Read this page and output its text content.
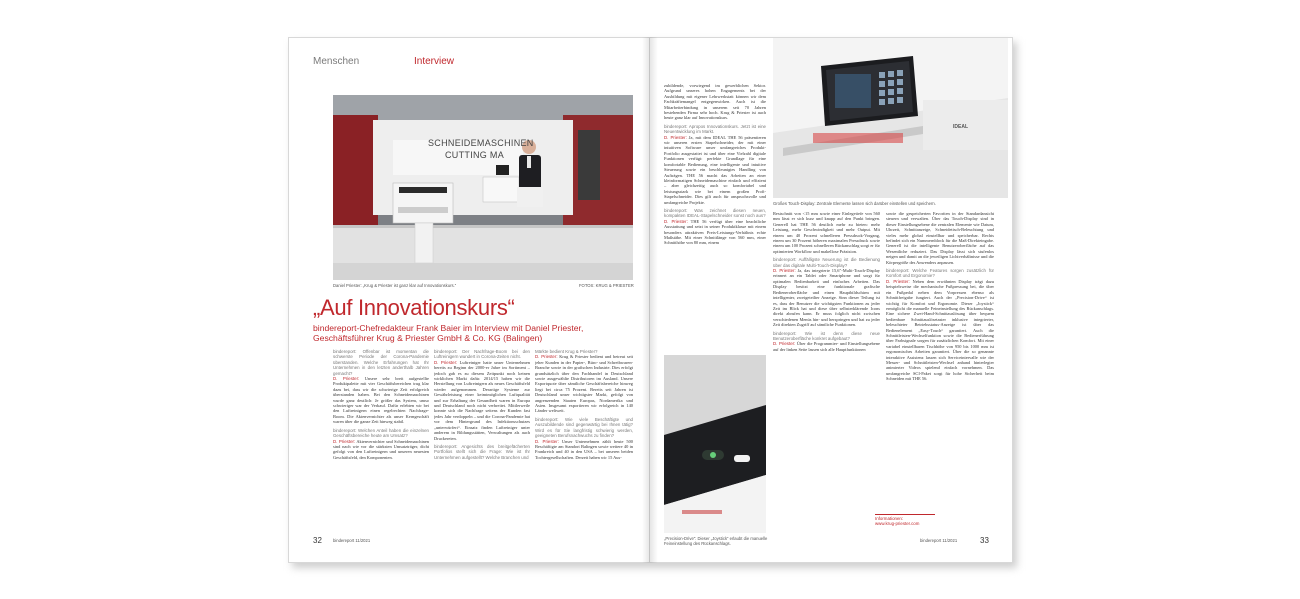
Menschen	Interview
SCHNEIDEMASCHINEN
CUTTING MA
Daniel Priester: „Krug & Priester ist ganz klar auf Innovationskurs.“	FOTOS: KRUG & PRIESTER
„Auf Innovationskurs“
bindereport-Chefredakteur Frank Baier im Interview mit Daniel Priester, Geschäftsführer Krug & Priester GmbH & Co. KG (Balingen)
bindereport: Offenbar ist momentan die schwerste Periode der Corona-Pandemie überstanden. Welche Erfahrungen hat Ihr Unternehmen in den letzten anderthalb Jahren gemacht?
D. Priester: Unsere sehr breit aufgestellte Produktpalette mit vier Geschäftsbereichen trug klar dazu bei, dass wir die schwierige Zeit erfolgreich überstanden haben. Bei den Schneidemaschinen wurde ganz deutlich: Je größer das System, umso schwieriger war der Verkauf. Dafür erlebten wir bei den Luftreinigern einen regelrechten Nachfrage-Boom. Die Aktenvernichter als unser Kerngeschäft waren über die ganze Zeit hinweg stabil.
bindereport: Welchen Anteil haben die einzelnen Geschäftsbereiche heute am Umsatz?
D. Priester: Aktenvernichter und Schneidemaschinen sind nach wie vor die stärksten Umsatzträger, dicht gefolgt von den Luftreinigern und unseren neuesten Geschäftsfeld, den Komponenten.
bindereport: Der Nachfrage-Boom bei den Luftreinigern wundert in Corona-Zeiten nicht.
D. Priester: Luftreiniger hatte unser Unternehmen bereits zu Beginn der 2000-er Jahre im Sortiment – jedoch gab es zu diesem Zeitpunkt noch keinen wirklichen Markt dafür. 2014/15 haben wir die Herstellung von Luftreinigern als neues Geschäftsfeld wieder aufgenommen. Derartige Systeme zur Gewährleistung einer keimtmöglichen Luftqualität und zur Erhaltung der Gesundheit waren in Europa und Deutschland noch nicht verbreitet. Mittlerweile konnte sich die Nachfrage seitens der Kunden fast jedes Jahr verdoppeln – und die Corona-Pandemie hat vor dem Hintergrund des Infektionsschutzes „unterwürfert“. Einsatz finden Luftreiniger unter anderem in Bildungsstätten, Verwaltungen als auch Druckereien.
bindereport: Angesichts des breitgefächerten Portfolios stellt sich die Frage: Wie ist Ihr Unternehmen aufgestellt? Welche Branchen und
Märkte bedient Krug & Priester?
D. Priester: Krug & Priester bedient und betreut seit jeher Kunden in der Papier-, Büro- und Schreibwaren-Branche sowie in der grafischen Industrie. Dies erfolgt grundsätzlich über den Fachhandel in Deutschland sowie ausgewählte Distributoren im Ausland. Unsere Exportquote über sämtliche Geschäftsbereiche hinweg liegt bei circa 75 Prozent. Bereits seit Jahren ist Deutschland unser wichtigster Markt, gefolgt von angrenzenden Staaten Europas, Nordamerika und Asien. Insgesamt exportieren wir erfolgreich in 140 Länder weltweit.
bindereport: Wie viele Beschäftigte und Auszubildende sind gegenwärtig bei Ihnen tätig? Wird es für Sie langfristig schwierig werden, geeigneten Berufsnachwuchs zu finden?
D. Priester: Unser Unternehmen zählt heute 500 Beschäftigte am Standort Balingen sowie weitere 40 in Frankreich und 40 in den USA – bei unseren beiden Tochtergesellschaften. Derzeit haben wir 15 Aus-
32	bindereport 11/2021
zubildende, vorwiegend im gewerblichen Sektor. Aufgrund unseres hohen Engagements bei der Ausbildung mit eigener Lehrwerkstatt können wir dem Fachkräftemangel entgegenwirken. Auch ist die Mitarbeiterbindung in unserem seit 70 Jahren bestehenden Firma sehr hoch. Krug & Priester ist auch heute ganz klar auf Innovationskurs.
bindereport: Apropos Innovationskurs. Jetzt ist eine Neuentwicklung im Markt.
D. Priester: Ja, mit dem IDEAL THE 56 präsentieren wir unseren ersten Stapelschneider, der mit einer intuitiven Software unser umfangreiches Produkt-Portfolio ausgestattet ist und über eine Vielzahl digitale Funktionen verfügt: perfekte Grundlage für eine komfortable Bedienung, eine intelligente und intuitive Steuerung sowie ein beschleunigtes Handling von Aufträgen. THE 56 macht das Arbeiten an einer kleinformatigen Schneidemaschine einfach und effizient – aber gleichzeitig auch so komfortabel und leistungsstark wie bei einem großen Profi-Stapelschneider. Dies gilt auch für anspruchsvolle und umfangreiche Projekte.
bindereport: Was zeichnet diesen neuen, kompakten IDEAL-Stapelschneider sonst noch aus?
D. Priester: THE 56 verfügt über eine beachtliche Ausstattung und setzt in seiner Produktklasse mit einem besonders attraktiven Preis-Leistungs-Verhältnis echte Maßstäbe. Mit einer Schnittlänge von 560 mm, einer Schnitthöhe von 80 mm, einem
IDEAL
Großes Touch-Display: Zentrale Elemente lassen sich darüber einstellen und speichern.
Restschnitt von <15 mm sowie einer Einlegetiefe von 560 mm lässt er sich kurz und knapp auf den Punkt bringen. Generell hat THE 56 deutlich mehr zu bieten: mehr Leistung, mehr Geschwindigkeit und mehr Output. Mit einem um 40 Prozent schnelleren Pressdruck-Vorgang, einem um 30 Prozent höheren maximalen Pressdruck sowie einem um 100 Prozent schnelleren Rückanschlag sorgt er für optimierten Workflow und makellose Präzision.
bindereport: Auffälligste Neuerung ist die Bedienung über das digitale Multi-Touch-Display?
D. Priester: Ja, das integrierte 15,6"-Multi-Touch-Display erinnert an ein Tablet oder Smartphone und sorgt für optimalen Bedienbarkeit und einfaches Arbeiten. Das Display besitzt eine funktionale grafische Bedieneroberfläche und einen Hauptbildschirm mit intelligenter, zweigeteilter Anzeige. Sinn dieser Teilung ist es, dass der Benutzer die wichtigsten Funktionen zu jeder Zeit im Blick hat und diese über selbsterklärende Icons direkt abrufen kann. Er muss folglich nicht zwischen verschiedenen Menüs hin- und herspringen und hat zu jeder Zeit direkten Zugriff auf sämtliche Funktionen.
bindereport: Wie ist denn diese neue Benutzeroberfläche konkret aufgebaut?
D. Priester: Über die Programmier- und Einstellungsebene auf der linken Seite lassen sich alle Hauptfunktionen
sowie die gespeicherten Favoriten in der Standardansicht steuern und verwalten. Über das Touch-Display sind in dieser Einstellungsebene die zentralen Elemente wie Datum, Uhrzeit, Schnittanzeige, Schneidetisch-Beleuchtung und vieles mehr global einstellbar und speicherbar. Rechts befindet sich ein Nummernblock für die Maß-Direkteingabe. Generell ist die intelligente Benutzeroberfläche auf das Wesentliche reduziert. Das Display lässt sich stufenlos neigen und damit an die jeweiligen Lichtverhältnisse und die Körpergröße des Anwenders anpassen.
bindereport: Welche Features sorgen zusätzlich für Komfort und Ergonomie?
D. Priester: Neben dem erwähnten Display trägt dazu beispielsweise die mechanische Fußpressung bei, die über ein Fußpedal neben dem Vorpressen ebenso als Schnittfreigabe fungiert. Auch der „Precision-Drive“ ist wichtig für Komfort und Ergonomie. Dieser „Joystick“ ermöglicht die manuelle Feineinstellung des Rückanschlags. Eine sichere Zwei-Hand-Schnittauslösung über bequem bedienbare Schnittauslösetaster inklusive integrierter, beleuchteter Betriebsstatus-Anzeige ist über das Bedienelement „Easy-Touch“ garantiert. Auch die Schnittleisten-Wechselfunktion sowie die Bedienerführung über Farbsignale sorgen für zusätzlichen Komfort. Mit einer variabel einstellbaren Tischhöhe von 950 bis 1000 mm ist ergonomisches Arbeiten garantiert. Über die so genannte interaktive Assistenz lassen sich Serviceintervalle wie der Messer- und Schnittleisten-Wechsel anhand hinterlegter animierter Videos spielend einfach vornehmen. Das umfangreiche SCI-Paket sorgt für hohe Sicherheit beim Schneiden mit THE 56.
„Precision-Drive“: Dieser „Joystick“ erlaubt die manuelle Feineinstellung des Rückanschlags.
Informationen:
www.krug-priester.com
bindereport 11/2021	33
